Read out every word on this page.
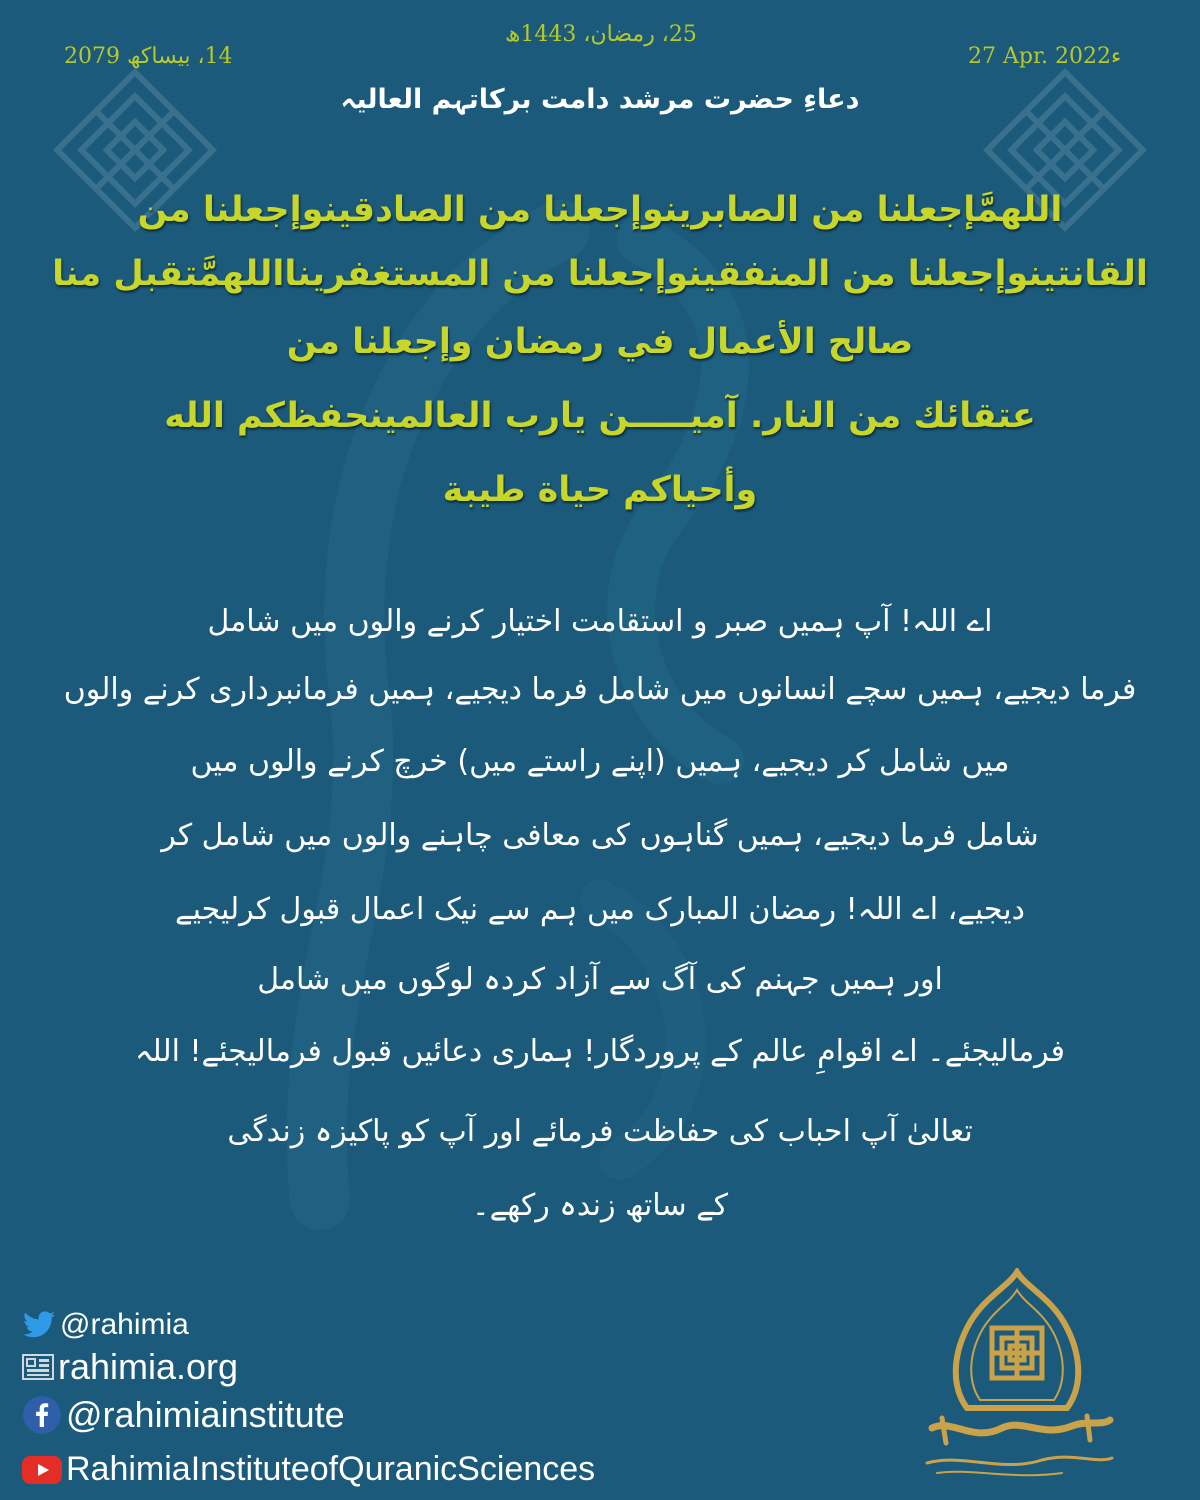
14، بیساکھ 2079
25، رمضان، 1443ھ
27 Apr. 2022ء
دعاءِ حضرت مرشد دامت برکاتہم العالیہ
اللهمَّإجعلنا من الصابرينوإجعلنا من الصادقينوإجعلنا من
القانتينوإجعلنا من المنفقينوإجعلنا من المستغفرينااللهمَّتقبل منا
صالح الأعمال في رمضان وإجعلنا من
عتقائك من النار. آميـــــن يارب العالمينحفظكم الله
وأحياكم حياة طيبة
اے اللہ! آپ ہمیں صبر و استقامت اختیار کرنے والوں میں شامل
فرما دیجیے، ہمیں سچے انسانوں میں شامل فرما دیجیے، ہمیں فرمانبرداری کرنے والوں
میں شامل کر دیجیے، ہمیں (اپنے راستے میں) خرچ کرنے والوں میں
شامل فرما دیجیے، ہمیں گناہوں کی معافی چاہنے والوں میں شامل کر
دیجیے، اے اللہ! رمضان المبارک میں ہم سے نیک اعمال قبول کرلیجیے
اور ہمیں جہنم کی آگ سے آزاد کردہ لوگوں میں شامل
فرمالیجئے۔ اے اقوامِ عالم کے پروردگار! ہماری دعائیں قبول فرمالیجئے! اللہ
تعالیٰ آپ احباب کی حفاظت فرمائے اور آپ کو پاکیزہ زندگی
کے ساتھ زندہ رکھے۔
@rahimia
rahimia.org
@rahimiainstitute
RahimiaInstituteofQuranicSciences
